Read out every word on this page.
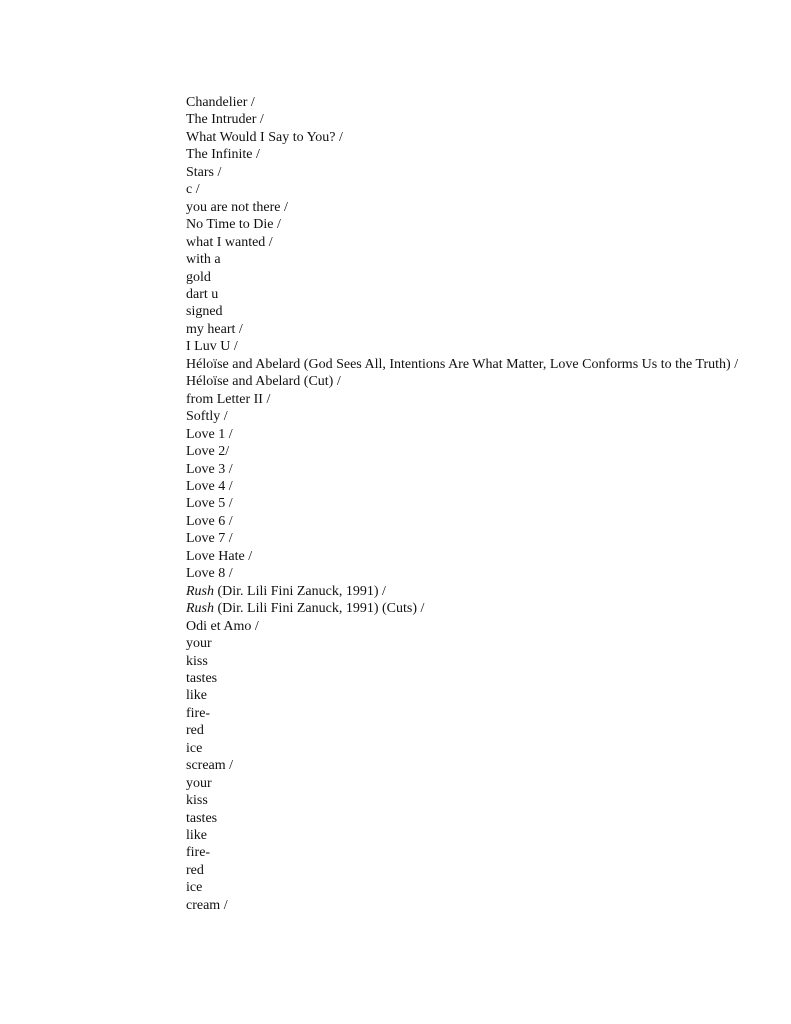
Chandelier /
The Intruder /
What Would I Say to You? /
The Infinite /
Stars /
c /
you are not there /
No Time to Die /
what I wanted /
with a
gold
dart u
signed
my heart /
I Luv U /
Héloïse and Abelard (God Sees All, Intentions Are What Matter, Love Conforms Us to the Truth) /
Héloïse and Abelard (Cut) /
from Letter II /
Softly /
Love 1 /
Love 2/
Love 3 /
Love 4 /
Love 5 /
Love 6 /
Love 7 /
Love Hate /
Love 8 /
Rush (Dir. Lili Fini Zanuck, 1991) /
Rush (Dir. Lili Fini Zanuck, 1991) (Cuts) /
Odi et Amo /
your
kiss
tastes
like
fire-
red
ice
scream /
your
kiss
tastes
like
fire-
red
ice
cream /
